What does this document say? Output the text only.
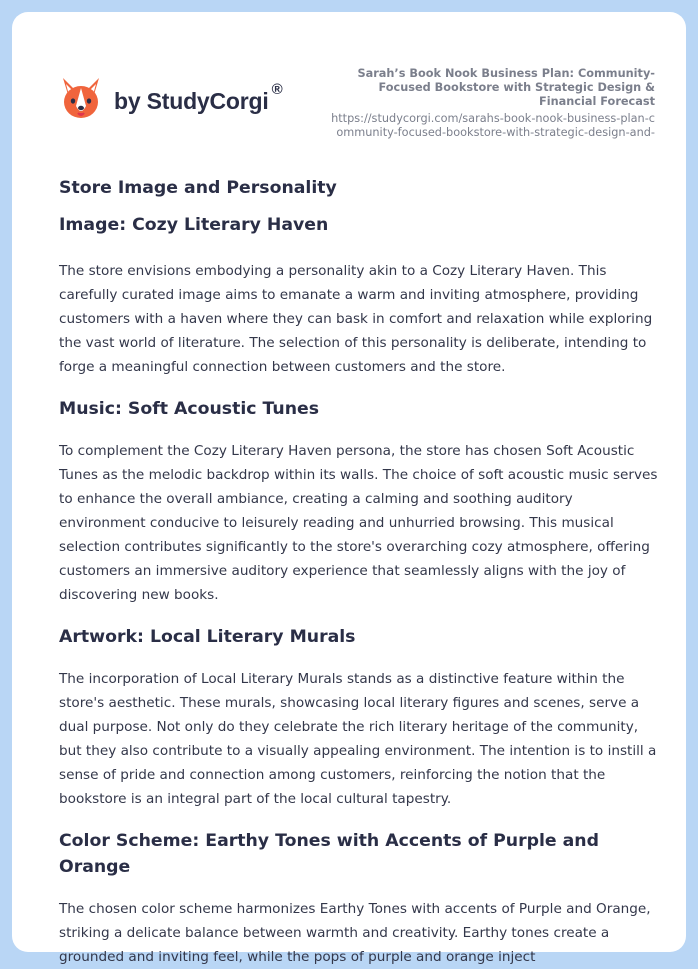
by StudyCorgi ®
Sarah’s Book Nook Business Plan: Community-Focused Bookstore with Strategic Design & Financial Forecast
https://studycorgi.com/sarahs-book-nook-business-plan-community-focused-bookstore-with-strategic-design-and-
Store Image and Personality
Image: Cozy Literary Haven

The store envisions embodying a personality akin to a Cozy Literary Haven. This carefully curated image aims to emanate a warm and inviting atmosphere, providing customers with a haven where they can bask in comfort and relaxation while exploring the vast world of literature. The selection of this personality is deliberate, intending to forge a meaningful connection between customers and the store.

Music: Soft Acoustic Tunes

To complement the Cozy Literary Haven persona, the store has chosen Soft Acoustic Tunes as the melodic backdrop within its walls. The choice of soft acoustic music serves to enhance the overall ambiance, creating a calming and soothing auditory environment conducive to leisurely reading and unhurried browsing. This musical selection contributes significantly to the store's overarching cozy atmosphere, offering customers an immersive auditory experience that seamlessly aligns with the joy of discovering new books.

Artwork: Local Literary Murals

The incorporation of Local Literary Murals stands as a distinctive feature within the store's aesthetic. These murals, showcasing local literary figures and scenes, serve a dual purpose. Not only do they celebrate the rich literary heritage of the community, but they also contribute to a visually appealing environment. The intention is to instill a sense of pride and connection among customers, reinforcing the notion that the bookstore is an integral part of the local cultural tapestry.

Color Scheme: Earthy Tones with Accents of Purple and Orange

The chosen color scheme harmonizes Earthy Tones with accents of Purple and Orange, striking a delicate balance between warmth and creativity. Earthy tones create a grounded and inviting feel, while the pops of purple and orange inject
